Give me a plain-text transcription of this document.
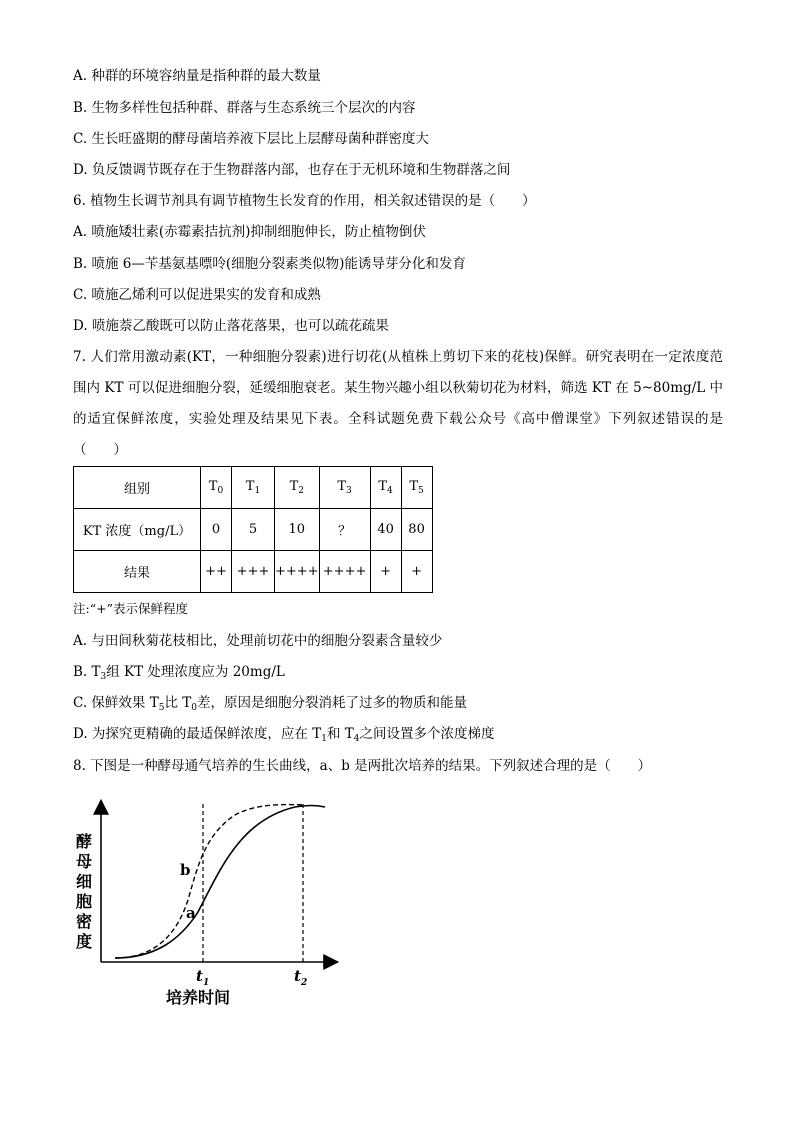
A. 种群的环境容纳量是指种群的最大数量
B. 生物多样性包括种群、群落与生态系统三个层次的内容
C. 生长旺盛期的酵母菌培养液下层比上层酵母菌种群密度大
D. 负反馈调节既存在于生物群落内部，也存在于无机环境和生物群落之间
6. 植物生长调节剂具有调节植物生长发育的作用，相关叙述错误的是（　　）
A. 喷施矮壮素(赤霉素拮抗剂)抑制细胞伸长，防止植物倒伏
B. 喷施 6—苄基氨基嘌呤(细胞分裂素类似物)能诱导芽分化和发育
C. 喷施乙烯利可以促进果实的发育和成熟
D. 喷施萘乙酸既可以防止落花落果，也可以疏花疏果
7. 人们常用激动素(KT，一种细胞分裂素)进行切花(从植株上剪切下来的花枝)保鲜。研究表明在一定浓度范围内 KT 可以促进细胞分裂，延缓细胞衰老。某生物兴趣小组以秋菊切花为材料，筛选 KT 在 5~80mg/L 中的适宜保鲜浓度，实验处理及结果见下表。全科试题免费下载公众号《高中僧课堂》下列叙述错误的是（　　）
组别	$T_0$	$T_1$	$T_2$	$T_3$	$T_4$	$T_5$
KT 浓度（mg/L）	0	5	10	？	40	80
结果	++	+++	++++	++++	+	+
注:“+”表示保鲜程度
A. 与田间秋菊花枝相比，处理前切花中的细胞分裂素含量较少
B. $T_3$组 KT 处理浓度应为 20mg/L
C. 保鲜效果 $T_5$比 $T_0$差，原因是细胞分裂消耗了过多的物质和能量
D. 为探究更精确的最适保鲜浓度，应在 $T_1$和 $T_4$之间设置多个浓度梯度
8. 下图是一种酵母通气培养的生长曲线，a、b 是两批次培养的结果。下列叙述合理的是（　　）
酵
母
细
胞
密
度
b
a
$t_1$	$t_2$
培养时间
